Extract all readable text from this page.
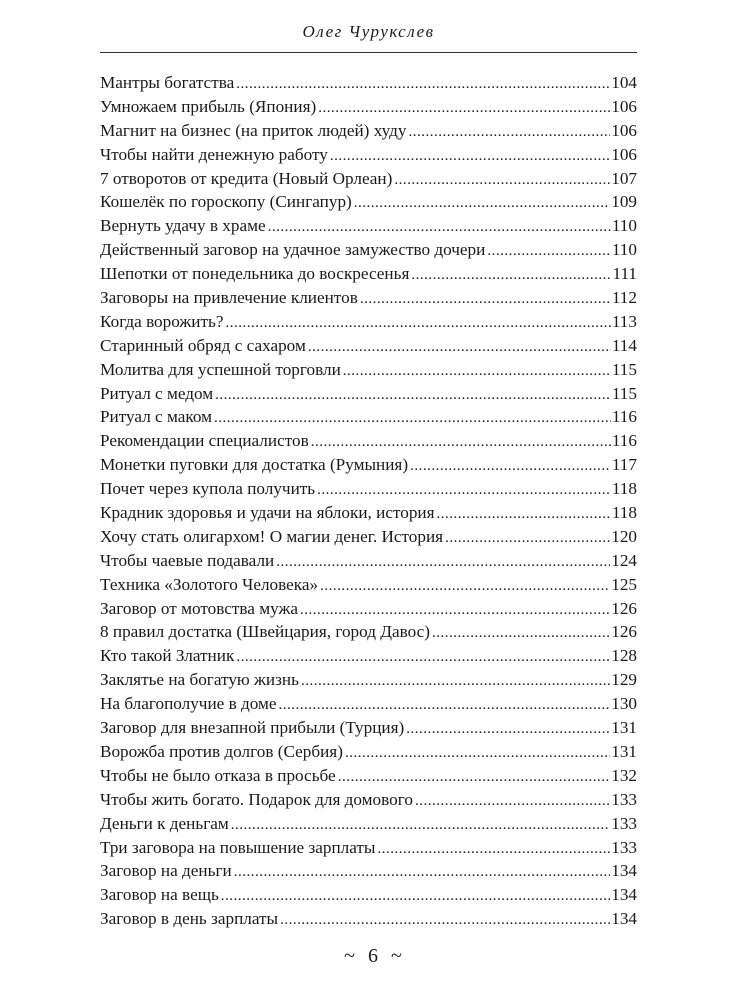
Олег Чурукслев
Мантры богатства .....	104
Умножаем прибыль (Япония) .....	106
Магнит на бизнес (на приток людей) худу .....	106
Чтобы найти денежную работу .....	106
7 отворотов от кредита (Новый Орлеан) .....	107
Кошелёк по гороскопу (Сингапур) .....	109
Вернуть удачу в храме .....	110
Действенный заговор на удачное замужество дочери .....	110
Шепотки от понедельника до воскресенья .....	111
Заговоры на привлечение клиентов .....	112
Когда ворожить? .....	113
Старинный обряд с сахаром .....	114
Молитва для успешной торговли .....	115
Ритуал с медом .....	115
Ритуал с маком .....	116
Рекомендации специалистов .....	116
Монетки пуговки для достатка (Румыния) .....	117
Почет через купола получить .....	118
Крадник здоровья и удачи на яблоки, история .....	118
Хочу стать олигархом! О магии денег. История .....	120
Чтобы чаевые подавали .....	124
Техника «Золотого Человека» .....	125
Заговор от мотовства мужа .....	126
8 правил достатка (Швейцария, город Давос) .....	126
Кто такой Златник .....	128
Заклятье на богатую жизнь .....	129
На благополучие в доме .....	130
Заговор для внезапной прибыли (Турция) .....	131
Ворожба против долгов (Сербия) .....	131
Чтобы не было отказа в просьбе .....	132
Чтобы жить богато. Подарок для домового .....	133
Деньги к деньгам .....	133
Три заговора на повышение зарплаты .....	133
Заговор на деньги .....	134
Заговор на вещь .....	134
Заговор в день зарплаты .....	134
~ 6 ~
